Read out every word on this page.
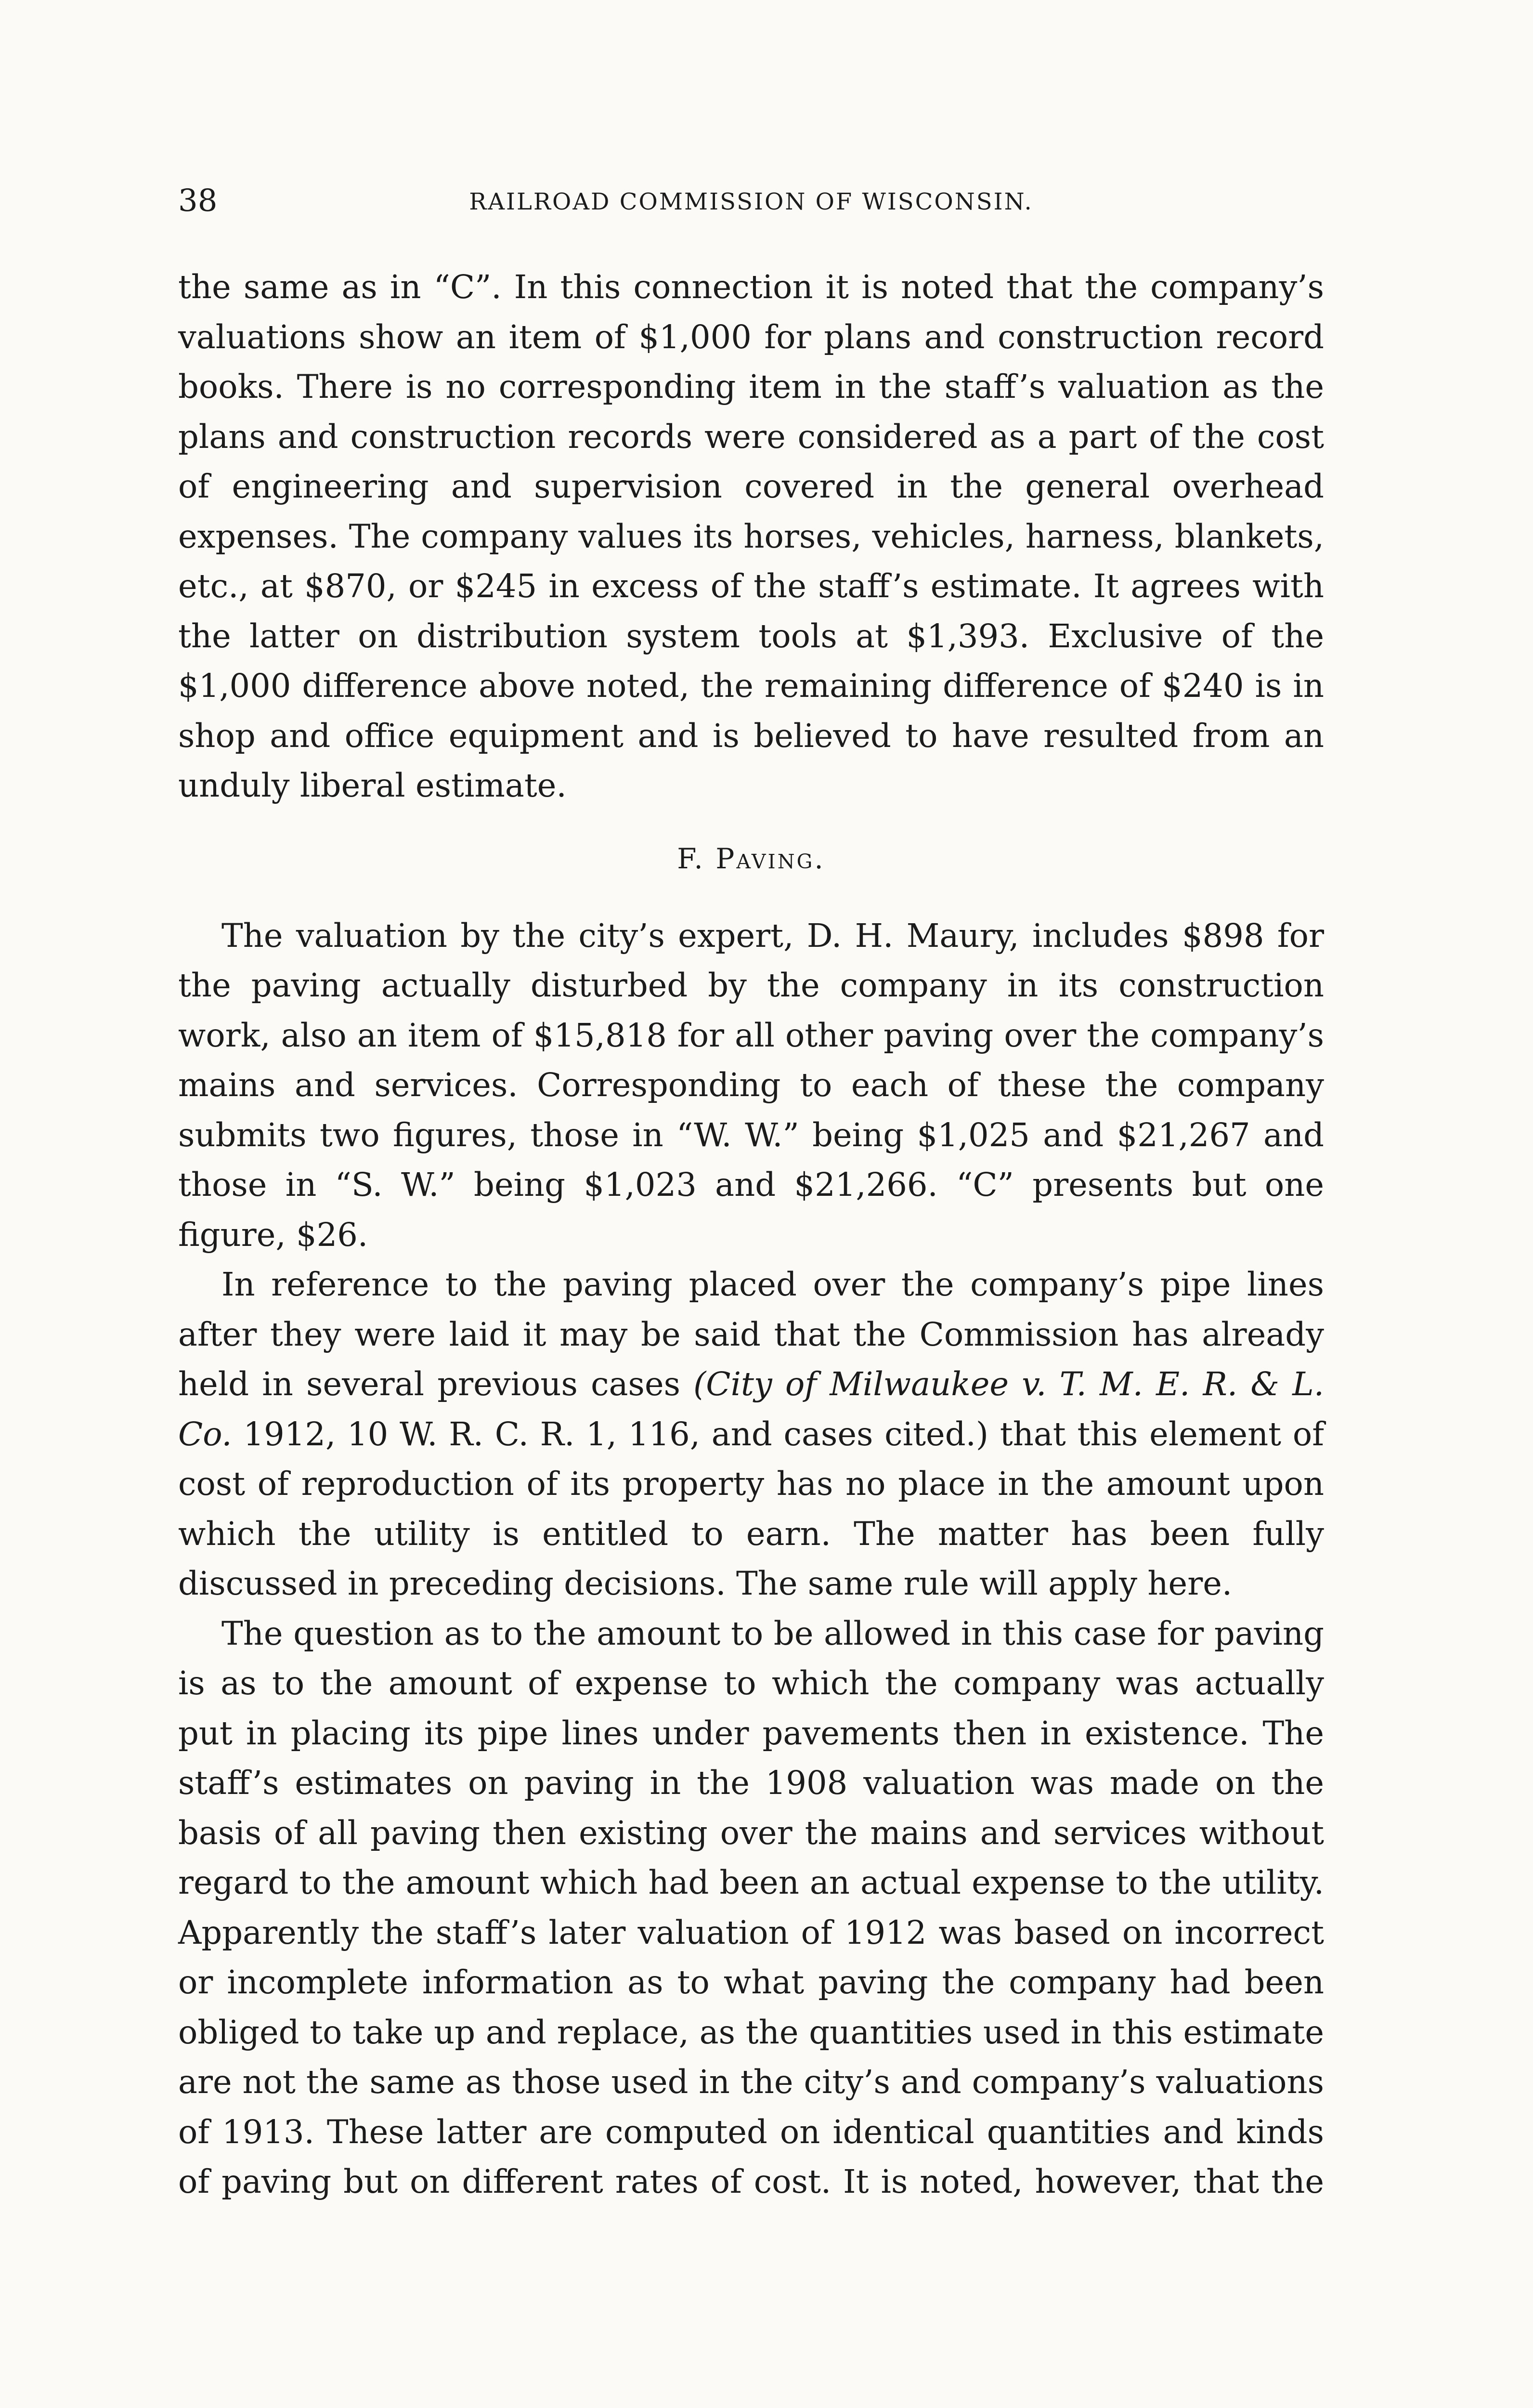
38	RAILROAD COMMISSION OF WISCONSIN.

the same as in “C”. In this connection it is noted that the company’s valuations show an item of $1,000 for plans and construction record books. There is no corresponding item in the staff’s valuation as the plans and construction records were considered as a part of the cost of engineering and supervision covered in the general overhead expenses. The company values its horses, vehicles, harness, blankets, etc., at $870, or $245 in excess of the staff’s estimate. It agrees with the latter on distribution system tools at $1,393. Exclusive of the $1,000 difference above noted, the remaining difference of $240 is in shop and office equipment and is believed to have resulted from an unduly liberal estimate.

F. Paving.

The valuation by the city’s expert, D. H. Maury, includes $898 for the paving actually disturbed by the company in its construction work, also an item of $15,818 for all other paving over the company’s mains and services. Corresponding to each of these the company submits two figures, those in “W. W.” being $1,025 and $21,267 and those in “S. W.” being $1,023 and $21,266. “C” presents but one figure, $26.

In reference to the paving placed over the company’s pipe lines after they were laid it may be said that the Commission has already held in several previous cases (City of Milwaukee v. T. M. E. R. & L. Co. 1912, 10 W. R. C. R. 1, 116, and cases cited.) that this element of cost of reproduction of its property has no place in the amount upon which the utility is entitled to earn. The matter has been fully discussed in preceding decisions. The same rule will apply here.

The question as to the amount to be allowed in this case for paving is as to the amount of expense to which the company was actually put in placing its pipe lines under pavements then in existence. The staff’s estimates on paving in the 1908 valuation was made on the basis of all paving then existing over the mains and services without regard to the amount which had been an actual expense to the utility. Apparently the staff’s later valuation of 1912 was based on incorrect or incomplete information as to what paving the company had been obliged to take up and replace, as the quantities used in this estimate are not the same as those used in the city’s and company’s valuations of 1913. These latter are computed on identical quantities and kinds of paving but on different rates of cost. It is noted, however, that the
